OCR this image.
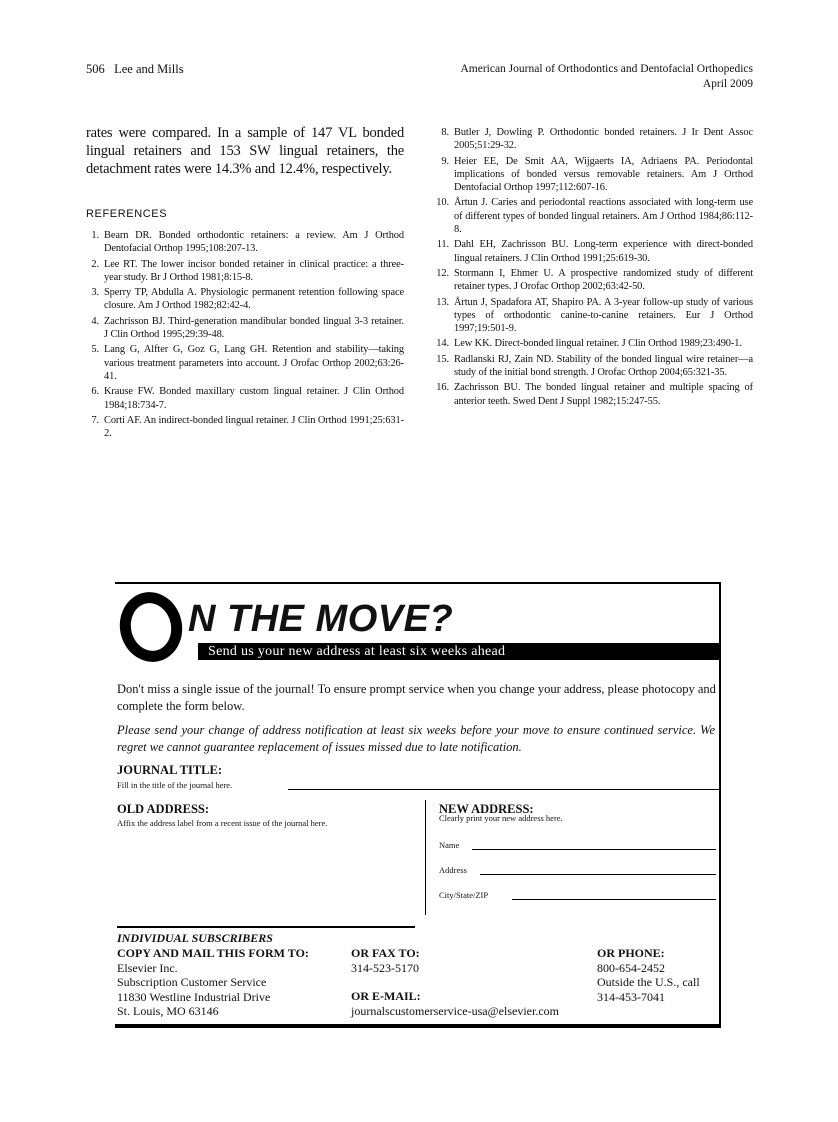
506 Lee and Mills	American Journal of Orthodontics and Dentofacial Orthopedics
April 2009
rates were compared. In a sample of 147 VL bonded lingual retainers and 153 SW lingual retainers, the detachment rates were 14.3% and 12.4%, respectively.
REFERENCES
1. Bearn DR. Bonded orthodontic retainers: a review. Am J Orthod Dentofacial Orthop 1995;108:207-13.
2. Lee RT. The lower incisor bonded retainer in clinical practice: a three-year study. Br J Orthod 1981;8:15-8.
3. Sperry TP, Abdulla A. Physiologic permanent retention following space closure. Am J Orthod 1982;82:42-4.
4. Zachrisson BJ. Third-generation mandibular bonded lingual 3-3 retainer. J Clin Orthod 1995;29:39-48.
5. Lang G, Alfter G, Goz G, Lang GH. Retention and stability—taking various treatment parameters into account. J Orofac Orthop 2002;63:26-41.
6. Krause FW. Bonded maxillary custom lingual retainer. J Clin Orthod 1984;18:734-7.
7. Corti AF. An indirect-bonded lingual retainer. J Clin Orthod 1991;25:631-2.
8. Butler J, Dowling P. Orthodontic bonded retainers. J Ir Dent Assoc 2005;51:29-32.
9. Heier EE, De Smit AA, Wijgaerts IA, Adriaens PA. Periodontal implications of bonded versus removable retainers. Am J Orthod Dentofacial Orthop 1997;112:607-16.
10. Årtun J. Caries and periodontal reactions associated with long-term use of different types of bonded lingual retainers. Am J Orthod 1984;86:112-8.
11. Dahl EH, Zachrisson BU. Long-term experience with direct-bonded lingual retainers. J Clin Orthod 1991;25:619-30.
12. Stormann I, Ehmer U. A prospective randomized study of different retainer types. J Orofac Orthop 2002;63:42-50.
13. Årtun J, Spadafora AT, Shapiro PA. A 3-year follow-up study of various types of orthodontic canine-to-canine retainers. Eur J Orthod 1997;19:501-9.
14. Lew KK. Direct-bonded lingual retainer. J Clin Orthod 1989;23:490-1.
15. Radlanski RJ, Zain ND. Stability of the bonded lingual wire retainer—a study of the initial bond strength. J Orofac Orthop 2004;65:321-35.
16. Zachrisson BU. The bonded lingual retainer and multiple spacing of anterior teeth. Swed Dent J Suppl 1982;15:247-55.
N THE MOVE?
Send us your new address at least six weeks ahead
Don't miss a single issue of the journal! To ensure prompt service when you change your address, please photocopy and complete the form below.
Please send your change of address notification at least six weeks before your move to ensure continued service. We regret we cannot guarantee replacement of issues missed due to late notification.
JOURNAL TITLE:
Fill in the title of the journal here.
OLD ADDRESS:
Affix the address label from a recent issue of the journal here.
NEW ADDRESS:
Clearly print your new address here.
Name
Address
City/State/ZIP
INDIVIDUAL SUBSCRIBERS
COPY AND MAIL THIS FORM TO:
Elsevier Inc.
Subscription Customer Service
11830 Westline Industrial Drive
St. Louis, MO 63146
OR FAX TO:
314-523-5170
OR E-MAIL:
journalscustomerservice-usa@elsevier.com
OR PHONE:
800-654-2452
Outside the U.S., call
314-453-7041
